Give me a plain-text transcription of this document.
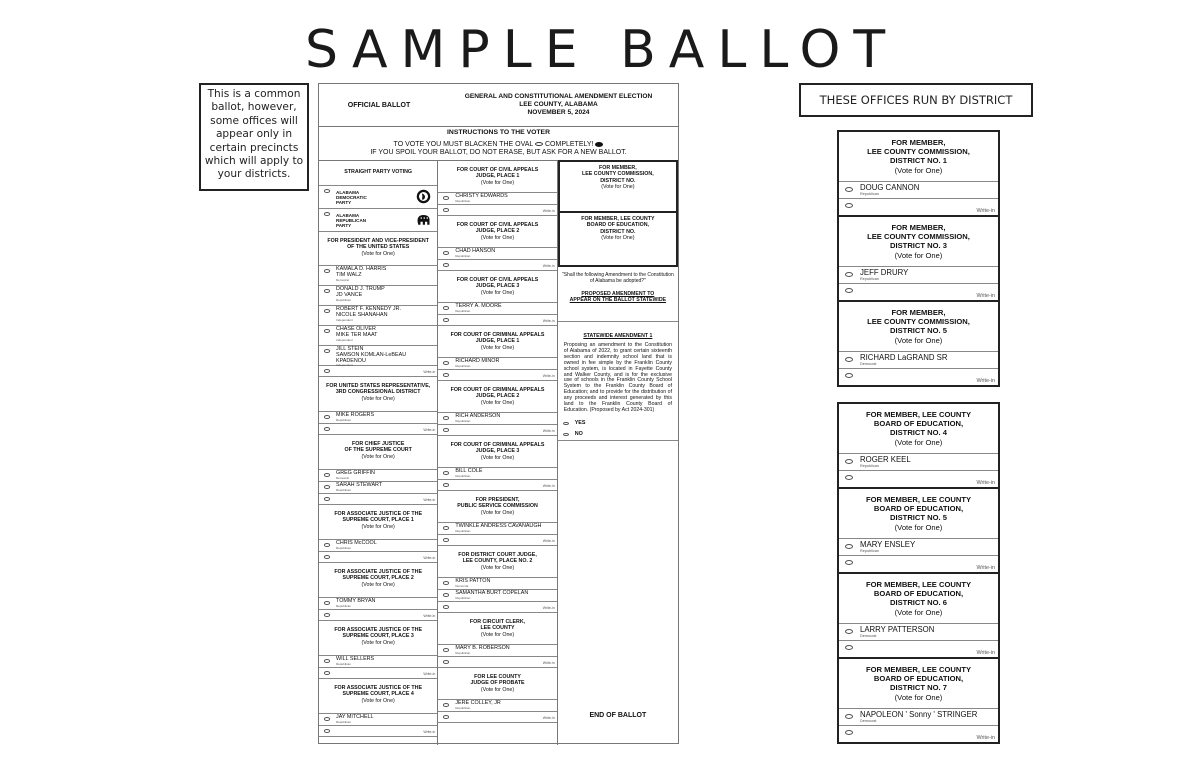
SAMPLE BALLOT
This is a common ballot, however, some offices will appear only in certain precincts which will apply to your districts.
THESE OFFICES RUN BY DISTRICT
OFFICIAL BALLOT
GENERAL AND CONSTITUTIONAL AMENDMENT ELECTION
LEE COUNTY, ALABAMA
NOVEMBER 5, 2024
INSTRUCTIONS TO THE VOTER
TO VOTE YOU MUST BLACKEN THE OVAL COMPLETELY!
IF YOU SPOIL YOUR BALLOT, DO NOT ERASE, BUT ASK FOR A NEW BALLOT.
STRAIGHT PARTY VOTING
ALABAMA
DEMOCRATIC
PARTY
ALABAMA
REPUBLICAN
PARTY
FOR PRESIDENT AND VICE-PRESIDENT
OF THE UNITED STATES
(Vote for One)
KAMALA D. HARRIS
TIM WALZ
Democrat
DONALD J. TRUMP
JD VANCE
Republican
ROBERT F. KENNEDY JR.
NICOLE SHANAHAN
Independent
CHASE OLIVER
MIKE TER MAAT
Independent
JILL STEIN
SAMSON KOMLAN-LeBEAU KPADENOU
Independent
Write-in
FOR UNITED STATES REPRESENTATIVE,
3RD CONGRESSIONAL DISTRICT
(Vote for One)
MIKE ROGERS
Republican
Write-in
FOR CHIEF JUSTICE
OF THE SUPREME COURT
(Vote for One)
GREG GRIFFIN
Democrat
SARAH STEWART
Republican
Write-in
FOR ASSOCIATE JUSTICE OF THE
SUPREME COURT, PLACE 1
(Vote for One)
CHRIS McCOOL
Republican
Write-in
FOR ASSOCIATE JUSTICE OF THE
SUPREME COURT, PLACE 2
(Vote for One)
TOMMY BRYAN
Republican
Write-in
FOR ASSOCIATE JUSTICE OF THE
SUPREME COURT, PLACE 3
(Vote for One)
WILL SELLERS
Republican
Write-in
FOR ASSOCIATE JUSTICE OF THE
SUPREME COURT, PLACE 4
(Vote for One)
JAY MITCHELL
Republican
Write-in
FOR COURT OF CIVIL APPEALS
JUDGE, PLACE 1
(Vote for One)
CHRISTY EDWARDS
Republican
Write-in
FOR COURT OF CIVIL APPEALS
JUDGE, PLACE 2
(Vote for One)
CHAD HANSON
Republican
Write-in
FOR COURT OF CIVIL APPEALS
JUDGE, PLACE 3
(Vote for One)
TERRY A. MOORE
Republican
Write-in
FOR COURT OF CRIMINAL APPEALS
JUDGE, PLACE 1
(Vote for One)
RICHARD MINOR
Republican
Write-in
FOR COURT OF CRIMINAL APPEALS
JUDGE, PLACE 2
(Vote for One)
RICH ANDERSON
Republican
Write-in
FOR COURT OF CRIMINAL APPEALS
JUDGE, PLACE 3
(Vote for One)
BILL COLE
Republican
Write-in
FOR PRESIDENT,
PUBLIC SERVICE COMMISSION
(Vote for One)
TWINKLE ANDRESS CAVANAUGH
Republican
Write-in
FOR DISTRICT COURT JUDGE,
LEE COUNTY, PLACE NO. 2
(Vote for One)
KRIS PATTON
Democrat
SAMANTHA BURT COPELAN
Republican
Write-in
FOR CIRCUIT CLERK,
LEE COUNTY
(Vote for One)
MARY B. ROBERSON
Republican
Write-in
FOR LEE COUNTY
JUDGE OF PROBATE
(Vote for One)
JERE COLLEY, JR
Republican
Write-in
FOR MEMBER,
LEE COUNTY COMMISSION,
DISTRICT NO.
(Vote for One)
FOR MEMBER, LEE COUNTY
BOARD OF EDUCATION,
DISTRICT NO.
(Vote for One)
"Shall the following Amendment to the Constitution of Alabama be adopted?"
PROPOSED AMENDMENT TO
APPEAR ON THE BALLOT STATEWIDE
STATEWIDE AMENDMENT 1
Proposing an amendment to the Constitution of Alabama of 2022, to grant certain sixteenth section and indemnity school land that is owned in fee simple by the Franklin County school system, is located in Fayette County and Walker County, and is for the exclusive use of schools in the Franklin County School System to the Franklin County Board of Education; and to provide for the distribution of any proceeds and interest generated by this land to the Franklin County Board of Education. (Proposed by Act 2024-301)
YES
NO
END OF BALLOT
FOR MEMBER,
LEE COUNTY COMMISSION,
DISTRICT NO. 1
(Vote for One)
DOUG CANNON
Republican
Write-in
FOR MEMBER,
LEE COUNTY COMMISSION,
DISTRICT NO. 3
(Vote for One)
JEFF DRURY
Republican
Write-in
FOR MEMBER,
LEE COUNTY COMMISSION,
DISTRICT NO. 5
(Vote for One)
RICHARD LaGRAND SR
Democrat
Write-in
FOR MEMBER, LEE COUNTY
BOARD OF EDUCATION,
DISTRICT NO. 4
(Vote for One)
ROGER KEEL
Republican
Write-in
FOR MEMBER, LEE COUNTY
BOARD OF EDUCATION,
DISTRICT NO. 5
(Vote for One)
MARY ENSLEY
Republican
Write-in
FOR MEMBER, LEE COUNTY
BOARD OF EDUCATION,
DISTRICT NO. 6
(Vote for One)
LARRY PATTERSON
Democrat
Write-in
FOR MEMBER, LEE COUNTY
BOARD OF EDUCATION,
DISTRICT NO. 7
(Vote for One)
NAPOLEON ' Sonny ' STRINGER
Democrat
Write-in
